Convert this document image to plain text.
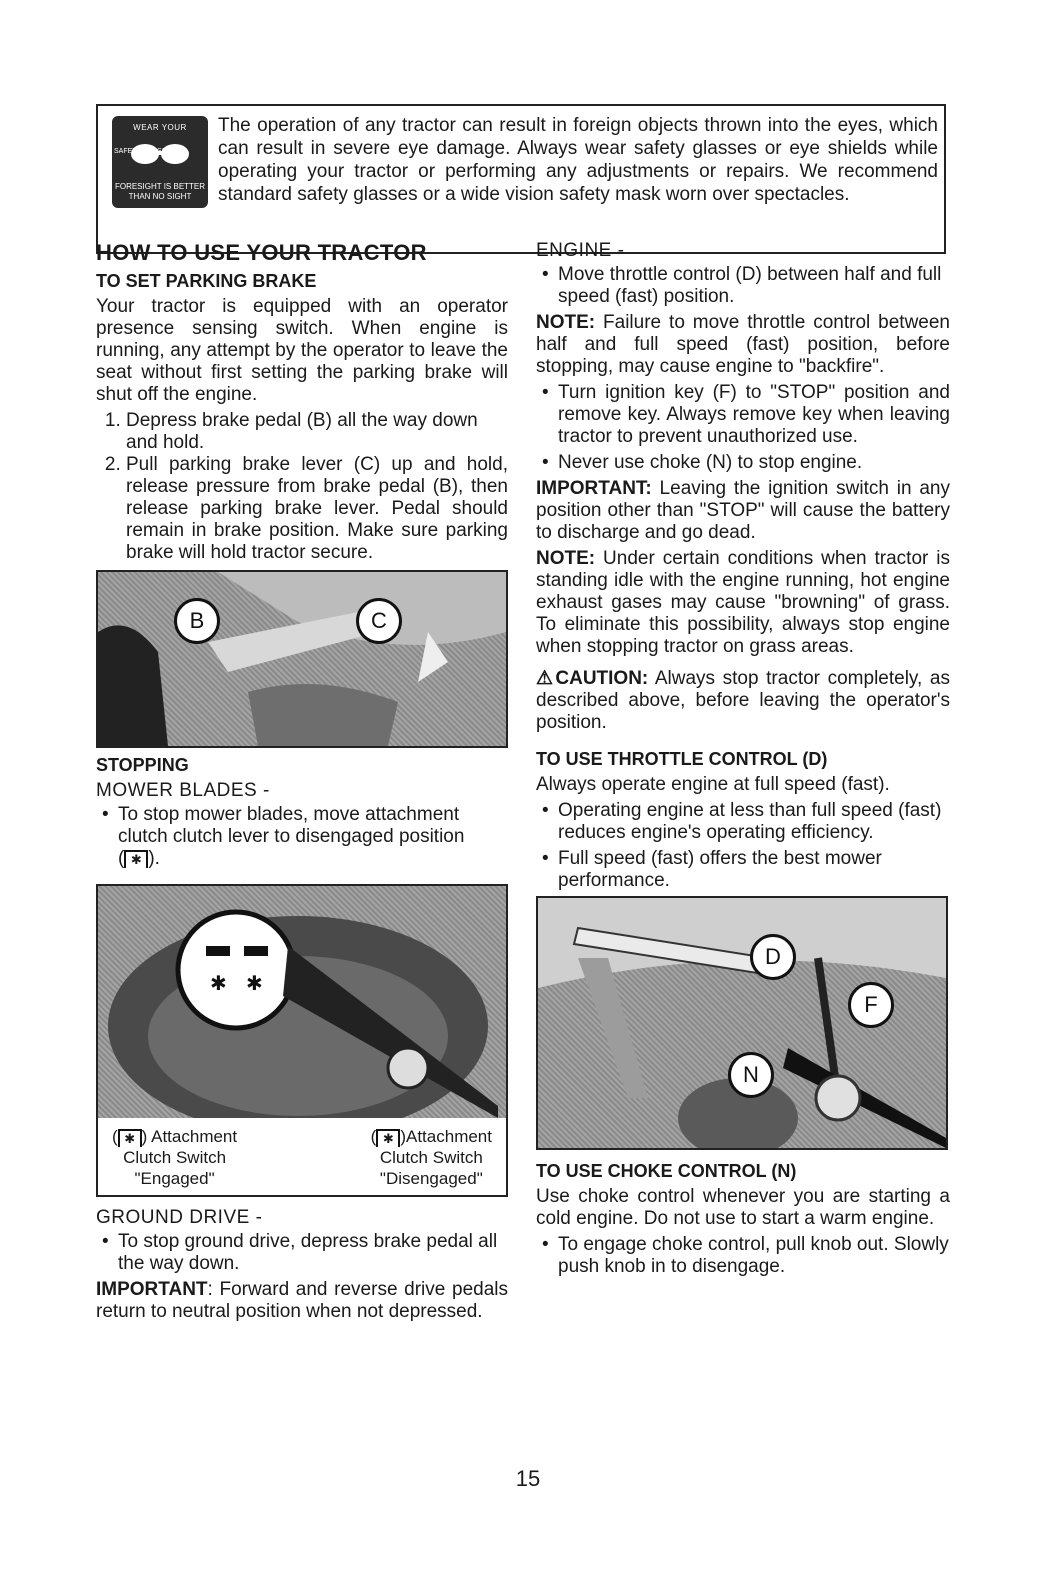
WEAR YOUR
SAFETY GLASSES
FORESIGHT IS BETTER THAN NO SIGHT

The operation of any tractor can result in foreign objects thrown into the eyes, which can result in severe eye damage. Always wear safety glasses or eye shields while operating your tractor or performing any adjustments or repairs. We recommend standard safety glasses or a wide vision safety mask worn over spectacles.

HOW TO USE YOUR TRACTOR
TO SET PARKING BRAKE

Your tractor is equipped with an operator presence sensing switch. When engine is running, any attempt by the operator to leave the seat without first setting the parking brake will shut off the engine.

1. Depress brake pedal (B) all the way down and hold.
2. Pull parking brake lever (C) up and hold, release pressure from brake pedal (B), then release parking brake lever. Pedal should remain in brake position. Make sure parking brake will hold tractor secure.
B	C
STOPPING
MOWER BLADES -
• To stop mower blades, move attachment clutch clutch lever to disengaged position
( ✱ ).
✱ ✱
( ✱ ) Attachment
Clutch Switch
"Engaged"
( ✱ )Attachment
Clutch Switch
"Disengaged"
GROUND DRIVE -
• To stop ground drive, depress brake pedal all the way down.

IMPORTANT: Forward and reverse drive pedals return to neutral position when not depressed.

ENGINE -
• Move throttle control (D) between half and full speed (fast) position.

NOTE: Failure to move throttle control between half and full speed (fast) position, before stopping, may cause engine to "backfire".

• Turn ignition key (F) to "STOP" position and remove key. Always remove key when leaving tractor to prevent unauthorized use.
• Never use choke (N) to stop engine.

IMPORTANT: Leaving the ignition switch in any position other than "STOP" will cause the battery to discharge and go dead.

NOTE: Under certain conditions when tractor is standing idle with the engine running, hot engine exhaust gases may cause "browning" of grass. To eliminate this possibility, always stop engine when stopping tractor on grass areas.

⚠CAUTION: Always stop tractor completely, as described above, before leaving the operator's position.

TO USE THROTTLE CONTROL (D)

Always operate engine at full speed (fast).

• Operating engine at less than full speed (fast) reduces engine's operating efficiency.
• Full speed (fast) offers the best mower performance.
D
F
N
TO USE CHOKE CONTROL (N)

Use choke control whenever you are starting a cold engine. Do not use to start a warm engine.

• To engage choke control, pull knob out. Slowly push knob in to disengage.
15
